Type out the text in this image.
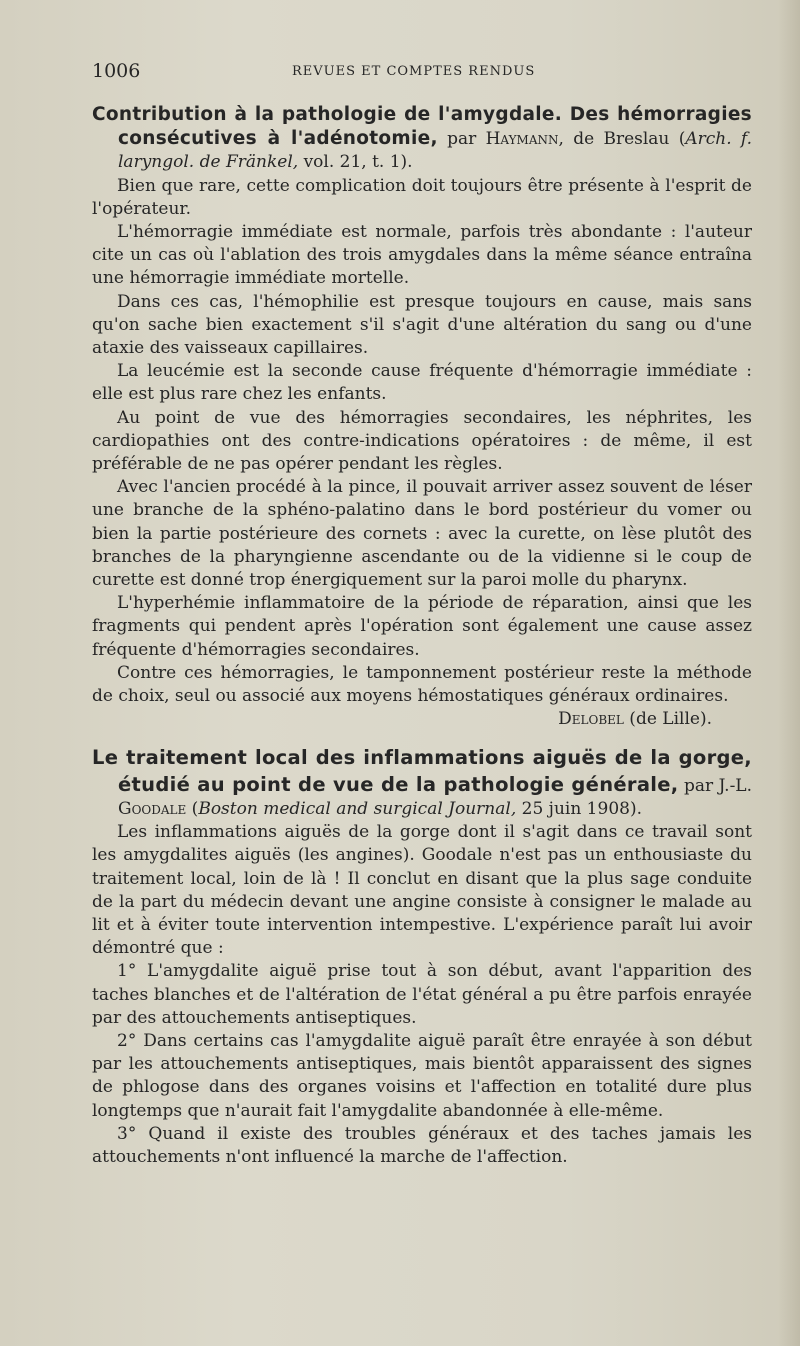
1006	REVUES ET COMPTES RENDUS

Contribution à la pathologie de l'amygdale. Des hémorragies consécutives à l'adénotomie, par Haymann, de Breslau (Arch. f. laryngol. de Fränkel, vol. 21, t. 1).

Bien que rare, cette complication doit toujours être présente à l'esprit de l'opérateur.

L'hémorragie immédiate est normale, parfois très abondante : l'auteur cite un cas où l'ablation des trois amygdales dans la même séance entraîna une hémorragie immédiate mortelle.

Dans ces cas, l'hémophilie est presque toujours en cause, mais sans qu'on sache bien exactement s'il s'agit d'une altération du sang ou d'une ataxie des vaisseaux capillaires.

La leucémie est la seconde cause fréquente d'hémorragie immédiate : elle est plus rare chez les enfants.

Au point de vue des hémorragies secondaires, les néphrites, les cardiopathies ont des contre-indications opératoires : de même, il est préférable de ne pas opérer pendant les règles.

Avec l'ancien procédé à la pince, il pouvait arriver assez souvent de léser une branche de la sphéno-palatino dans le bord postérieur du vomer ou bien la partie postérieure des cornets : avec la curette, on lèse plutôt des branches de la pharyngienne ascendante ou de la vidienne si le coup de curette est donné trop énergiquement sur la paroi molle du pharynx.

L'hyperhémie inflammatoire de la période de réparation, ainsi que les fragments qui pendent après l'opération sont également une cause assez fréquente d'hémorragies secondaires.

Contre ces hémorragies, le tamponnement postérieur reste la méthode de choix, seul ou associé aux moyens hémostatiques généraux ordinaires.

Delobel (de Lille).

Le traitement local des inflammations aiguës de la gorge, étudié au point de vue de la pathologie générale, par J.-L. Goodale (Boston medical and surgical Journal, 25 juin 1908).

Les inflammations aiguës de la gorge dont il s'agit dans ce travail sont les amygdalites aiguës (les angines). Goodale n'est pas un enthousiaste du traitement local, loin de là ! Il conclut en disant que la plus sage conduite de la part du médecin devant une angine consiste à consigner le malade au lit et à éviter toute intervention intempestive. L'expérience paraît lui avoir démontré que :

1° L'amygdalite aiguë prise tout à son début, avant l'apparition des taches blanches et de l'altération de l'état général a pu être parfois enrayée par des attouchements antiseptiques.

2° Dans certains cas l'amygdalite aiguë paraît être enrayée à son début par les attouchements antiseptiques, mais bientôt apparaissent des signes de phlogose dans des organes voisins et l'affection en totalité dure plus longtemps que n'aurait fait l'amygdalite abandonnée à elle-même.

3° Quand il existe des troubles généraux et des taches jamais les attouchements n'ont influencé la marche de l'affection.
